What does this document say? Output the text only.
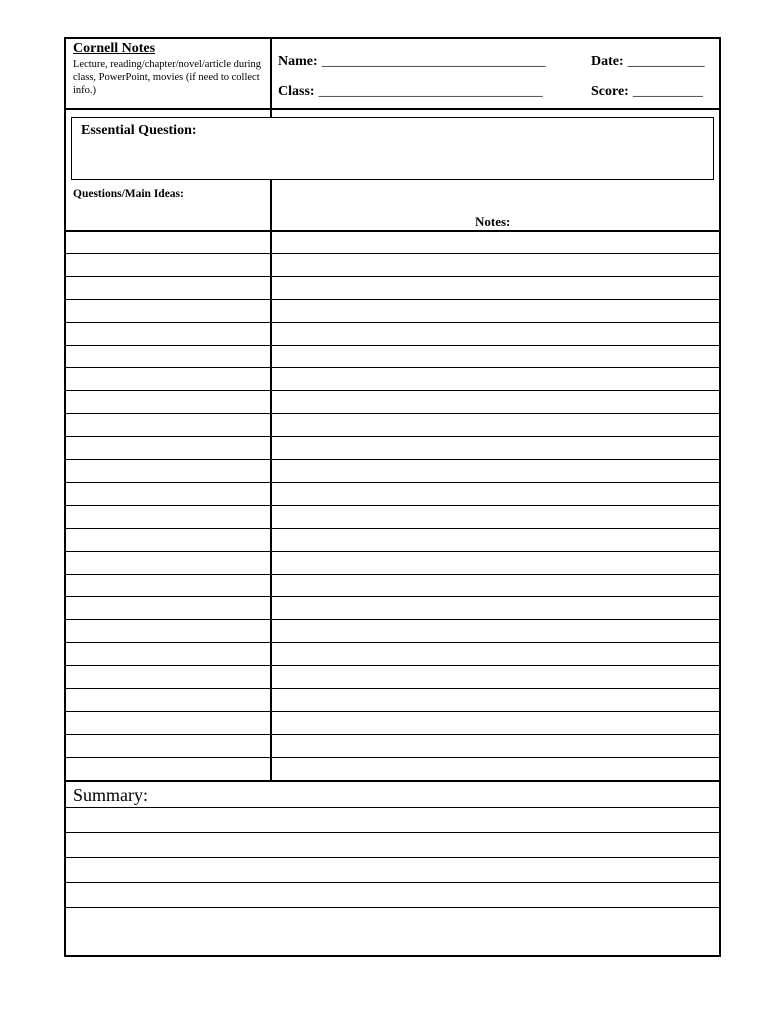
Cornell Notes
Lecture, reading/chapter/novel/article during class, PowerPoint, movies (if need to collect info.)
Name: ________________________________	Date: ___________
Class: ________________________________	Score: __________
Essential Question:
Questions/Main Ideas:
Notes:
Summary:
